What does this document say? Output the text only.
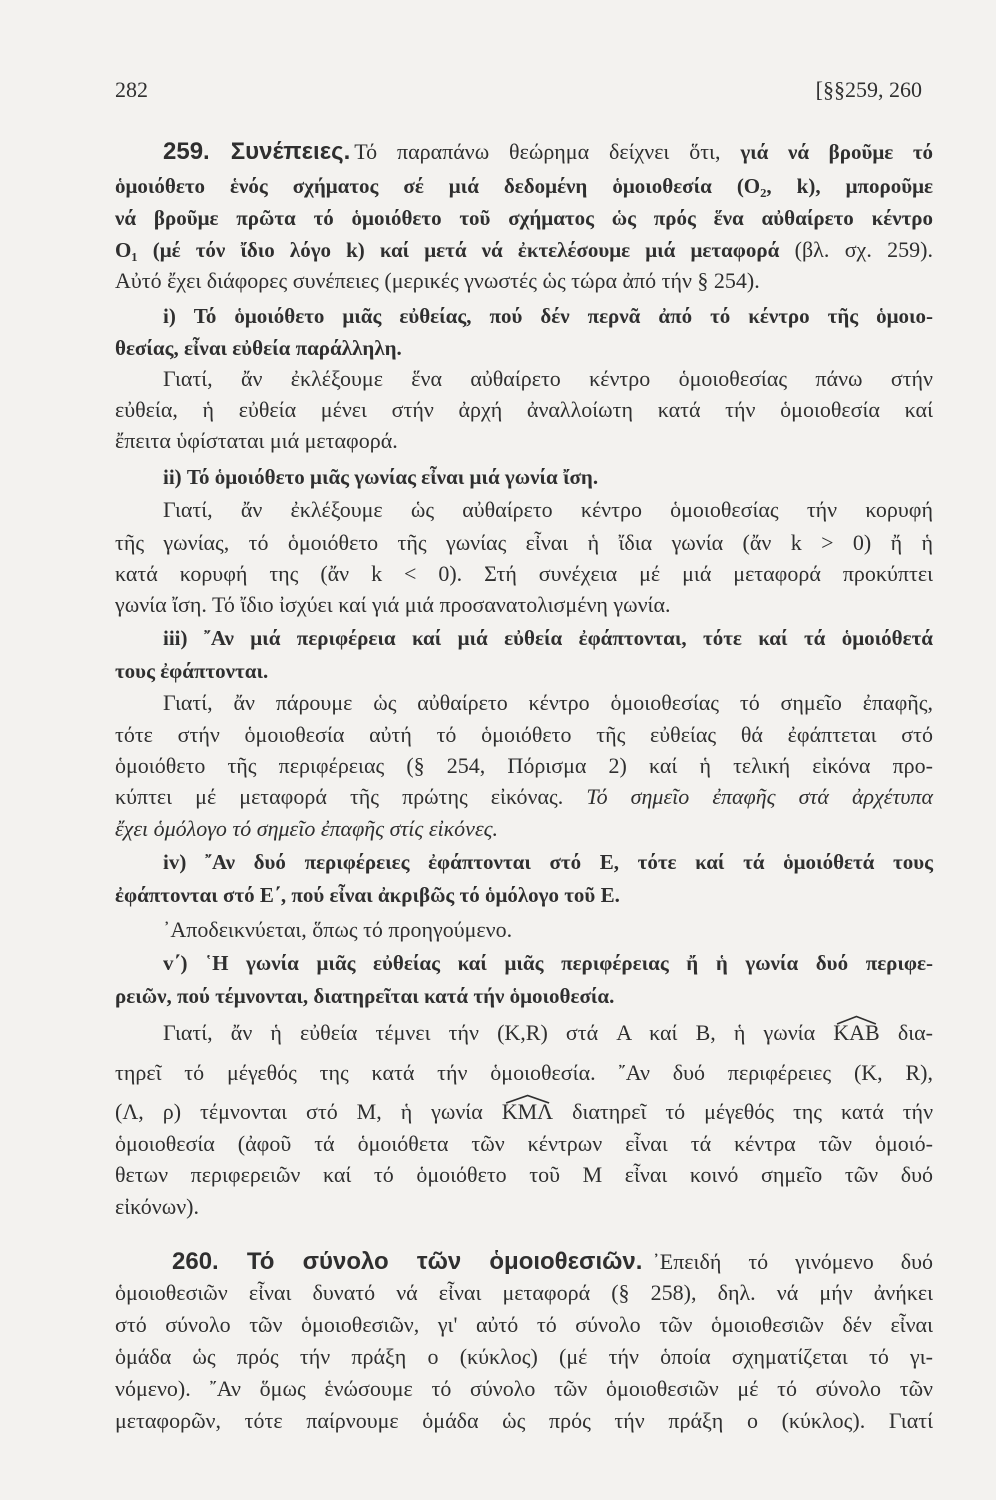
282	[§§259, 260
259. Συνέπειες. Τό παραπάνω θεώρημα δείχνει ὅτι, γιά νά βροῦμε τό
ὁμοιόθετο ἑνός σχήματος σέ μιά δεδομένη ὁμοιοθεσία (O₂, k), μποροῦμε
νά βροῦμε πρῶτα τό ὁμοιόθετο τοῦ σχήματος ὡς πρός ἕνα αὐθαίρετο κέντρο
O₁ (μέ τόν ἴδιο λόγο k) καί μετά νά ἐκτελέσουμε μιά μεταφορά (βλ. σχ. 259).
Αὐτό ἔχει διάφορες συνέπειες (μερικές γνωστές ὡς τώρα ἀπό τήν § 254).
i) Τό ὁμοιόθετο μιᾶς εὐθείας, πού δέν περνᾶ ἀπό τό κέντρο τῆς ὁμοιο-
θεσίας, εἶναι εὐθεία παράλληλη.
Γιατί, ἄν ἐκλέξουμε ἕνα αὐθαίρετο κέντρο ὁμοιοθεσίας πάνω στήν
εὐθεία, ἡ εὐθεία μένει στήν ἀρχή ἀναλλοίωτη κατά τήν ὁμοιοθεσία καί
ἔπειτα ὑφίσταται μιά μεταφορά.
ii) Τό ὁμοιόθετο μιᾶς γωνίας εἶναι μιά γωνία ἴση.
Γιατί, ἄν ἐκλέξουμε ὡς αὐθαίρετο κέντρο ὁμοιοθεσίας τήν κορυφή
τῆς γωνίας, τό ὁμοιόθετο τῆς γωνίας εἶναι ἡ ἴδια γωνία (ἄν k > 0) ἤ ἡ
κατά κορυφή της (ἄν k < 0). Στή συνέχεια μέ μιά μεταφορά προκύπτει
γωνία ἴση. Τό ἴδιο ἰσχύει καί γιά μιά προσανατολισμένη γωνία.
iii) ῎Αν μιά περιφέρεια καί μιά εὐθεία ἐφάπτονται, τότε καί τά ὁμοιόθετά
τους ἐφάπτονται.
Γιατί, ἄν πάρουμε ὡς αὐθαίρετο κέντρο ὁμοιοθεσίας τό σημεῖο ἐπαφῆς,
τότε στήν ὁμοιοθεσία αὐτή τό ὁμοιόθετο τῆς εὐθείας θά ἐφάπτεται στό
ὁμοιόθετο τῆς περιφέρειας (§ 254, Πόρισμα 2) καί ἡ τελική εἰκόνα προ-
κύπτει μέ μεταφορά τῆς πρώτης εἰκόνας. Τό σημεῖο ἐπαφῆς στά ἀρχέτυπα
ἔχει ὁμόλογο τό σημεῖο ἐπαφῆς στίς εἰκόνες.
iv) ῎Αν δυό περιφέρειες ἐφάπτονται στό E, τότε καί τά ὁμοιόθετά τους
ἐφάπτονται στό E΄, πού εἶναι ἀκριβῶς τό ὁμόλογο τοῦ E.
᾿Αποδεικνύεται, ὅπως τό προηγούμενο.
v΄) ῾Η γωνία μιᾶς εὐθείας καί μιᾶς περιφέρειας ἤ ἡ γωνία δυό περιφε-
ρειῶν, πού τέμνονται, διατηρεῖται κατά τήν ὁμοιοθεσία.
Γιατί, ἄν ἡ εὐθεία τέμνει τήν (K,R) στά A καί B, ἡ γωνία
KAB δια-
τηρεῖ τό μέγεθός της κατά τήν ὁμοιοθεσία. ῎Αν δυό περιφέρειες (K, R),
(Λ, ρ) τέμνονται στό M, ἡ γωνία
KMΛ διατηρεῖ τό μέγεθός της κατά τήν
ὁμοιοθεσία (ἀφοῦ τά ὁμοιόθετα τῶν κέντρων εἶναι τά κέντρα τῶν ὁμοιό-
θετων περιφερειῶν καί τό ὁμοιόθετο τοῦ M εἶναι κοινό σημεῖο τῶν δυό
εἰκόνων).
260. Τό σύνολο τῶν ὁμοιοθεσιῶν. ᾿Επειδή τό γινόμενο δυό
ὁμοιοθεσιῶν εἶναι δυνατό νά εἶναι μεταφορά (§ 258), δηλ. νά μήν ἀνήκει
στό σύνολο τῶν ὁμοιοθεσιῶν, γι' αὐτό τό σύνολο τῶν ὁμοιοθεσιῶν δέν εἶναι
ὁμάδα ὡς πρός τήν πράξη ο (κύκλος) (μέ τήν ὁποία σχηματίζεται τό γι-
νόμενο). ῎Αν ὅμως ἑνώσουμε τό σύνολο τῶν ὁμοιοθεσιῶν μέ τό σύνολο τῶν
μεταφορῶν, τότε παίρνουμε ὁμάδα ὡς πρός τήν πράξη ο (κύκλος). Γιατί
